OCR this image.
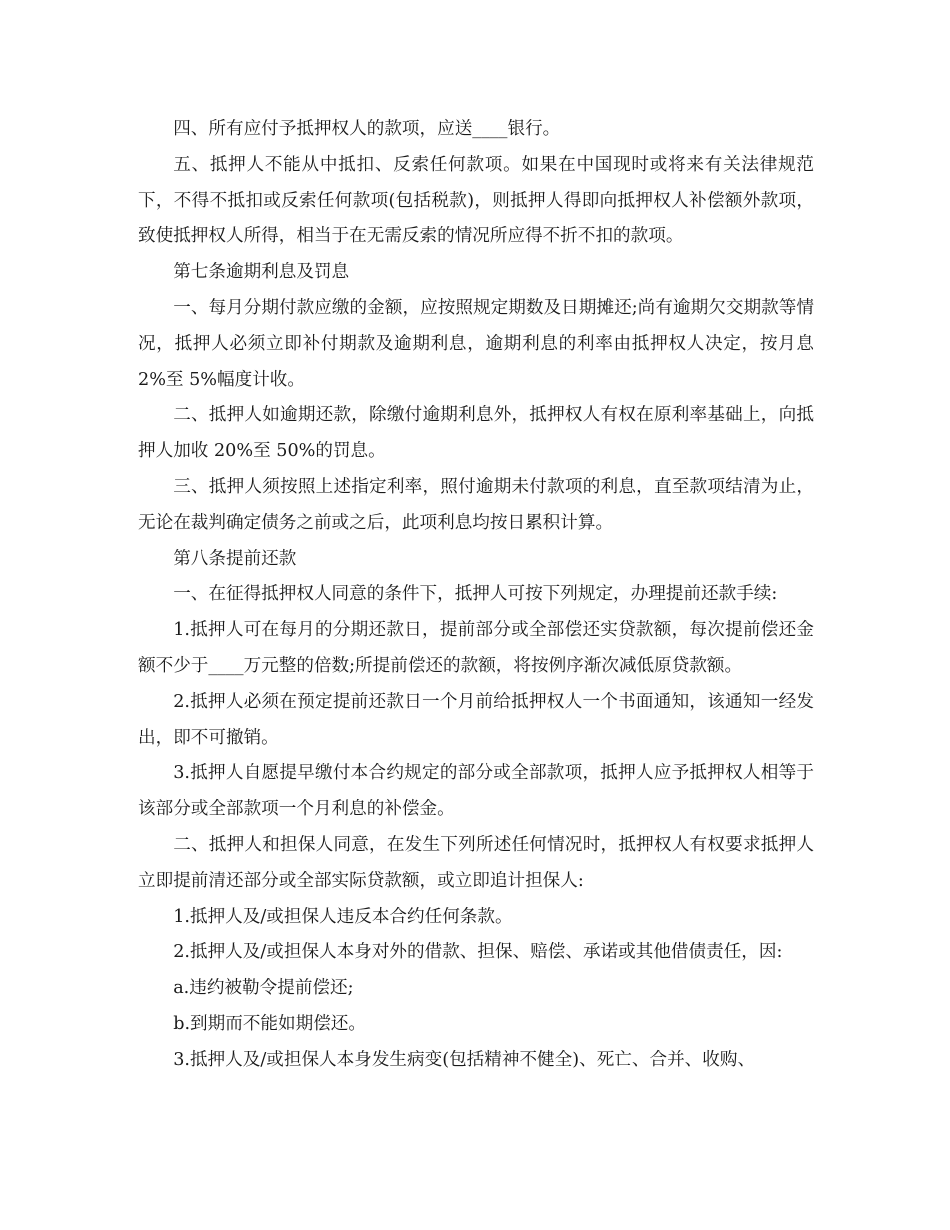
四、所有应付予抵押权人的款项，应送____银行。

五、抵押人不能从中抵扣、反索任何款项。如果在中国现时或将来有关法律规范下，不得不抵扣或反索任何款项(包括税款)，则抵押人得即向抵押权人补偿额外款项，致使抵押权人所得，相当于在无需反索的情况所应得不折不扣的款项。

第七条逾期利息及罚息

一、每月分期付款应缴的金额，应按照规定期数及日期摊还;尚有逾期欠交期款等情况，抵押人必须立即补付期款及逾期利息，逾期利息的利率由抵押权人决定，按月息 2%至 5%幅度计收。

二、抵押人如逾期还款，除缴付逾期利息外，抵押权人有权在原利率基础上，向抵押人加收 20%至 50%的罚息。

三、抵押人须按照上述指定利率，照付逾期未付款项的利息，直至款项结清为止，无论在裁判确定债务之前或之后，此项利息均按日累积计算。

第八条提前还款

一、在征得抵押权人同意的条件下，抵押人可按下列规定，办理提前还款手续:

1.抵押人可在每月的分期还款日，提前部分或全部偿还实贷款额，每次提前偿还金额不少于____万元整的倍数;所提前偿还的款额，将按例序渐次减低原贷款额。

2.抵押人必须在预定提前还款日一个月前给抵押权人一个书面通知，该通知一经发出，即不可撤销。

3.抵押人自愿提早缴付本合约规定的部分或全部款项，抵押人应予抵押权人相等于该部分或全部款项一个月利息的补偿金。

二、抵押人和担保人同意，在发生下列所述任何情况时，抵押权人有权要求抵押人立即提前清还部分或全部实际贷款额，或立即追计担保人:

1.抵押人及/或担保人违反本合约任何条款。

2.抵押人及/或担保人本身对外的借款、担保、赔偿、承诺或其他借债责任，因:

a.违约被勒令提前偿还;

b.到期而不能如期偿还。

3.抵押人及/或担保人本身发生病变(包括精神不健全)、死亡、合并、收购、
